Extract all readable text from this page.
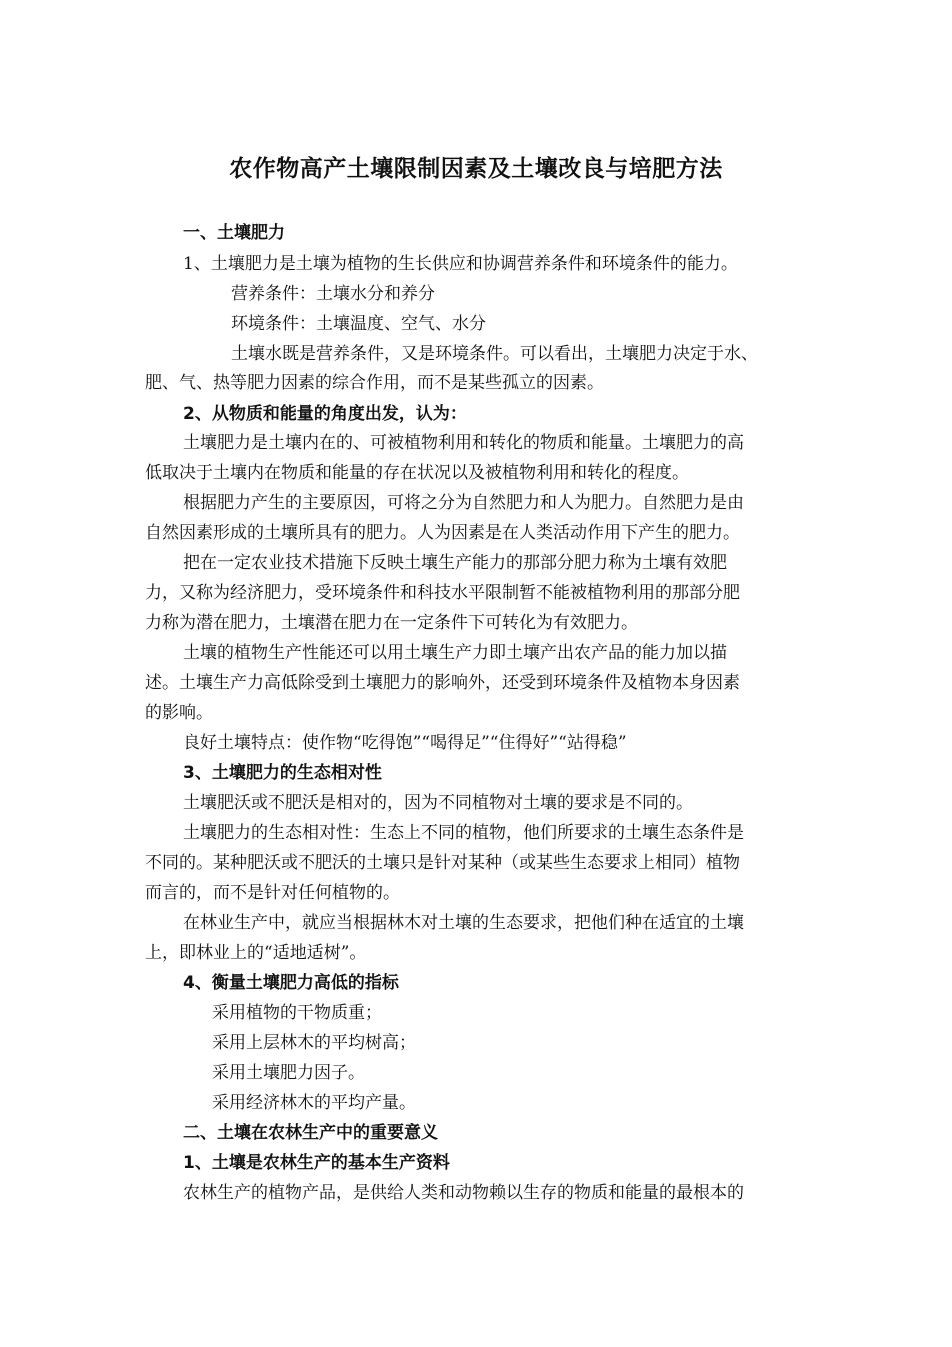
农作物高产土壤限制因素及土壤改良与培肥方法
一、土壤肥力
1、土壤肥力是土壤为植物的生长供应和协调营养条件和环境条件的能力。
营养条件：土壤水分和养分
环境条件：土壤温度、空气、水分
土壤水既是营养条件，又是环境条件。可以看出，土壤肥力决定于水、
肥、气、热等肥力因素的综合作用，而不是某些孤立的因素。
2、从物质和能量的角度出发，认为：
土壤肥力是土壤内在的、可被植物利用和转化的物质和能量。土壤肥力的高
低取决于土壤内在物质和能量的存在状况以及被植物利用和转化的程度。
根据肥力产生的主要原因，可将之分为自然肥力和人为肥力。自然肥力是由
自然因素形成的土壤所具有的肥力。人为因素是在人类活动作用下产生的肥力。
把在一定农业技术措施下反映土壤生产能力的那部分肥力称为土壤有效肥
力，又称为经济肥力，受环境条件和科技水平限制暂不能被植物利用的那部分肥
力称为潜在肥力，土壤潜在肥力在一定条件下可转化为有效肥力。
土壤的植物生产性能还可以用土壤生产力即土壤产出农产品的能力加以描
述。土壤生产力高低除受到土壤肥力的影响外，还受到环境条件及植物本身因素
的影响。
良好土壤特点：使作物“吃得饱”“喝得足”“住得好”“站得稳”
3、土壤肥力的生态相对性
土壤肥沃或不肥沃是相对的，因为不同植物对土壤的要求是不同的。
土壤肥力的生态相对性：生态上不同的植物，他们所要求的土壤生态条件是
不同的。某种肥沃或不肥沃的土壤只是针对某种（或某些生态要求上相同）植物
而言的，而不是针对任何植物的。
在林业生产中，就应当根据林木对土壤的生态要求，把他们种在适宜的土壤
上，即林业上的“适地适树”。
4、衡量土壤肥力高低的指标
采用植物的干物质重；
采用上层林木的平均树高；
采用土壤肥力因子。
采用经济林木的平均产量。
二、土壤在农林生产中的重要意义
1、土壤是农林生产的基本生产资料
农林生产的植物产品，是供给人类和动物赖以生存的物质和能量的最根本的
